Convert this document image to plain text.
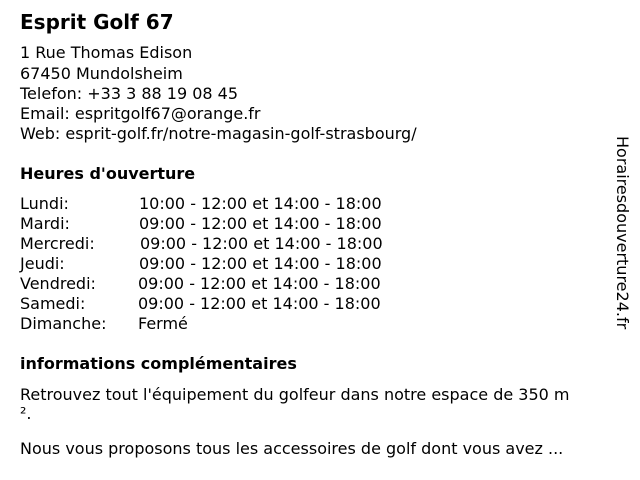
Esprit Golf 67
1 Rue Thomas Edison
67450 Mundolsheim
Telefon: +33 3 88 19 08 45
Email: espritgolf67@orange.fr
Web: esprit-golf.fr/notre-magasin-golf-strasbourg/
Heures d'ouverture
Lundi:	10:00 - 12:00 et 14:00 - 18:00
Mardi:	09:00 - 12:00 et 14:00 - 18:00
Mercredi:	09:00 - 12:00 et 14:00 - 18:00
Jeudi:	09:00 - 12:00 et 14:00 - 18:00
Vendredi:	09:00 - 12:00 et 14:00 - 18:00
Samedi:	09:00 - 12:00 et 14:00 - 18:00
Dimanche: Fermé
informations complémentaires
Retrouvez tout l'équipement du golfeur dans notre espace de 350 m
².
Nous vous proposons tous les accessoires de golf dont vous avez ...
Horairesdouverture24.fr
